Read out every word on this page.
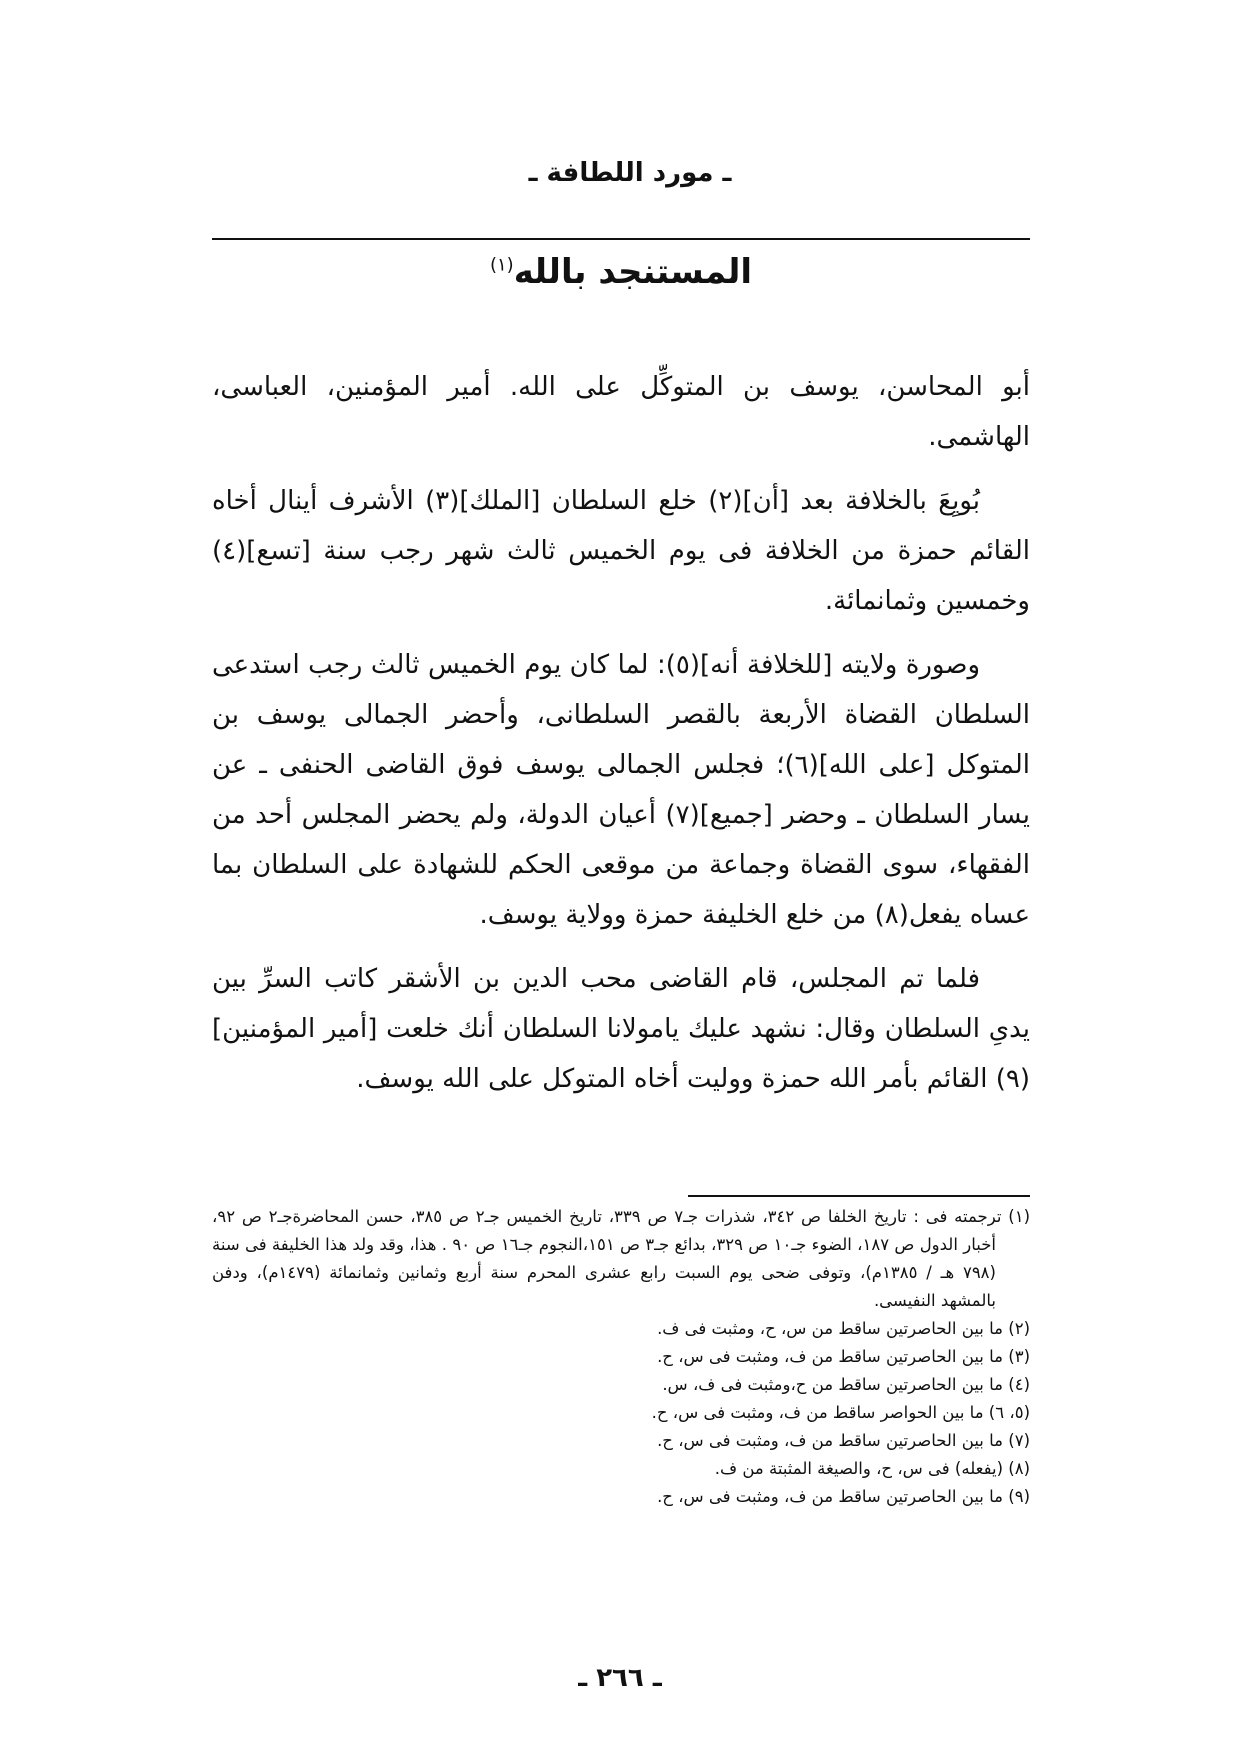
ـ مورد اللطافة ـ
المستنجد بالله$^{(١)}$

أبو المحاسن، يوسف بن المتوكِّل على الله. أمير المؤمنين، العباسى، الهاشمى.

بُويِعَ بالخلافة بعد [أن](٢) خلع السلطان [الملك](٣) الأشرف أينال أخاه القائم حمزة من الخلافة فى يوم الخميس ثالث شهر رجب سنة [تسع](٤) وخمسين وثمانمائة.

وصورة ولايته [للخلافة أنه](٥): لما كان يوم الخميس ثالث رجب استدعى السلطان القضاة الأربعة بالقصر السلطانى، وأحضر الجمالى يوسف بن المتوكل [على الله](٦)؛ فجلس الجمالى يوسف فوق القاضى الحنفى ـ عن يسار السلطان ـ وحضر [جميع](٧) أعيان الدولة، ولم يحضر المجلس أحد من الفقهاء، سوى القضاة وجماعة من موقعى الحكم للشهادة على السلطان بما عساه يفعل(٨) من خلع الخليفة حمزة وولاية يوسف.

فلما تم المجلس، قام القاضى محب الدين بن الأشقر كاتب السرِّ بين يدىِ السلطان وقال: نشهد عليك يامولانا السلطان أنك خلعت [أمير المؤمنين](٩) القائم بأمر الله حمزة ووليت أخاه المتوكل على الله يوسف.

(١) ترجمته فى : تاريخ الخلفا ص ٣٤٢، شذرات جـ٧ ص ٣٣٩، تاريخ الخميس جـ٢ ص ٣٨٥، حسن المحاضرةجـ٢ ص ٩٢، أخبار الدول ص ١٨٧، الضوء جـ١٠ ص ٣٢٩، بدائع جـ٣ ص ١٥١،النجوم جـ١٦ ص ٩٠ . هذا، وقد ولد هذا الخليفة فى سنة (٧٩٨ هـ / ١٣٨٥م)، وتوفى ضحى يوم السبت رابع عشرى المحرم سنة أربع وثمانين وثمانمائة (١٤٧٩م)، ودفن بالمشهد النفيسى.

(٢) ما بين الحاصرتين ساقط من س، ح، ومثبت فى ف.

(٣) ما بين الحاصرتين ساقط من ف، ومثبت فى س، ح.

(٤) ما بين الحاصرتين ساقط من ح،ومثبت فى ف، س.

(٥، ٦) ما بين الحواصر ساقط من ف، ومثبت فى س، ح.

(٧) ما بين الحاصرتين ساقط من ف، ومثبت فى س، ح.

(٨) (يفعله) فى س، ح، والصيغة المثبتة من ف.

(٩) ما بين الحاصرتين ساقط من ف، ومثبت فى س، ح.

ـ ٢٦٦ ـ
